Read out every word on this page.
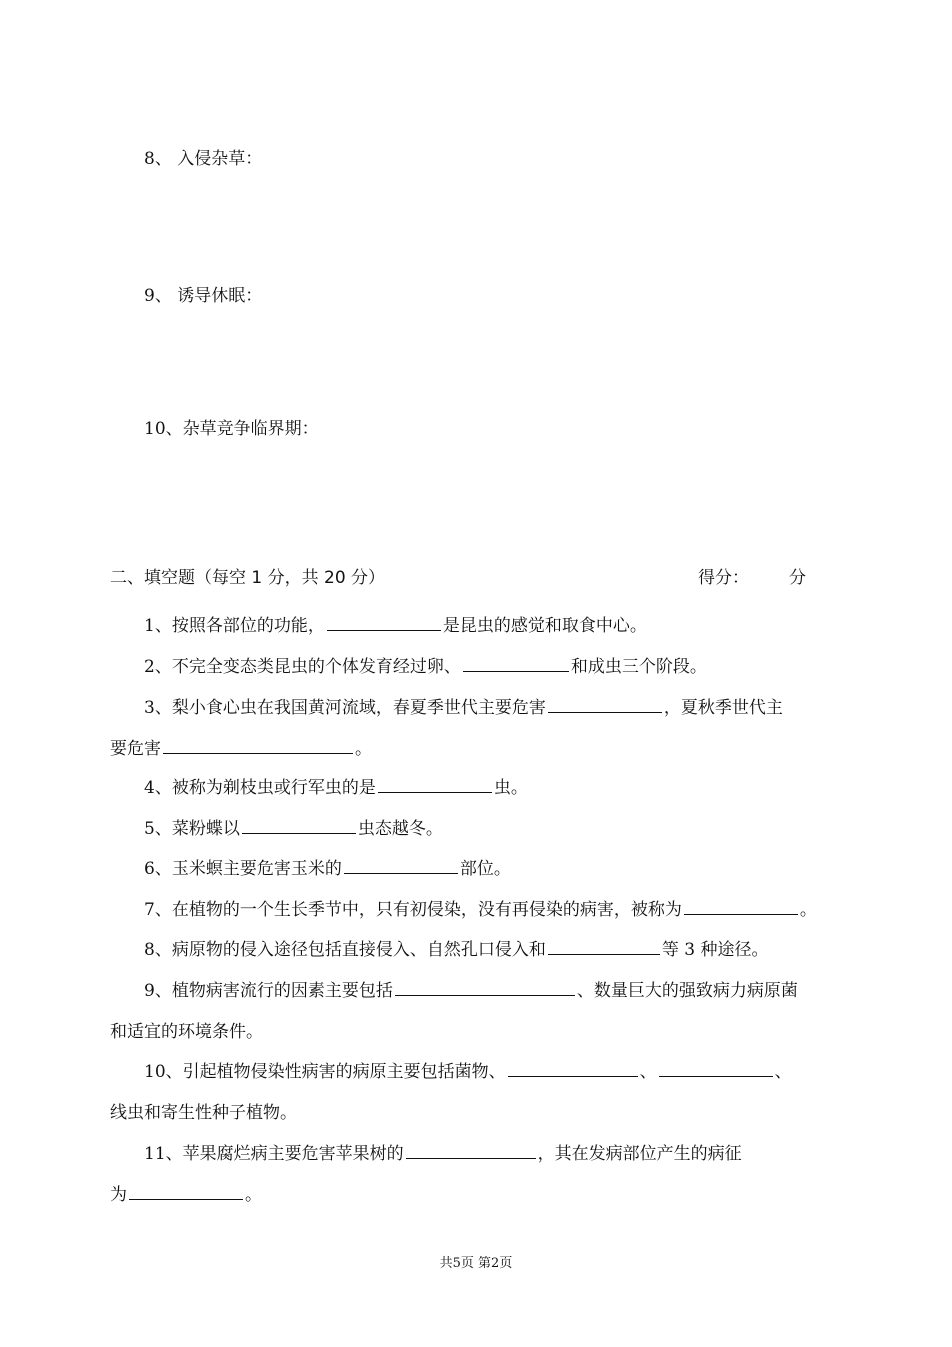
8、 入侵杂草：
9、 诱导休眠：
10、杂草竞争临界期：
二、填空题（每空 1 分，共 20 分）	得分： 分
1、按照各部位的功能，	是昆虫的感觉和取食中心。
2、不完全变态类昆虫的个体发育经过卵、	和成虫三个阶段。
3、梨小食心虫在我国黄河流域，春夏季世代主要危害	，夏秋季世代主
要危害	。
4、被称为剃枝虫或行军虫的是	虫。
5、菜粉蝶以	虫态越冬。
6、玉米螟主要危害玉米的	部位。
7、在植物的一个生长季节中，只有初侵染，没有再侵染的病害，被称为	。
8、病原物的侵入途径包括直接侵入、自然孔口侵入和	等 3 种途径。
9、植物病害流行的因素主要包括	、数量巨大的强致病力病原菌
和适宜的环境条件。
10、引起植物侵染性病害的病原主要包括菌物、	、	、
线虫和寄生性种子植物。
11、苹果腐烂病主要危害苹果树的	，其在发病部位产生的病征
为	。
共5页 第2页
